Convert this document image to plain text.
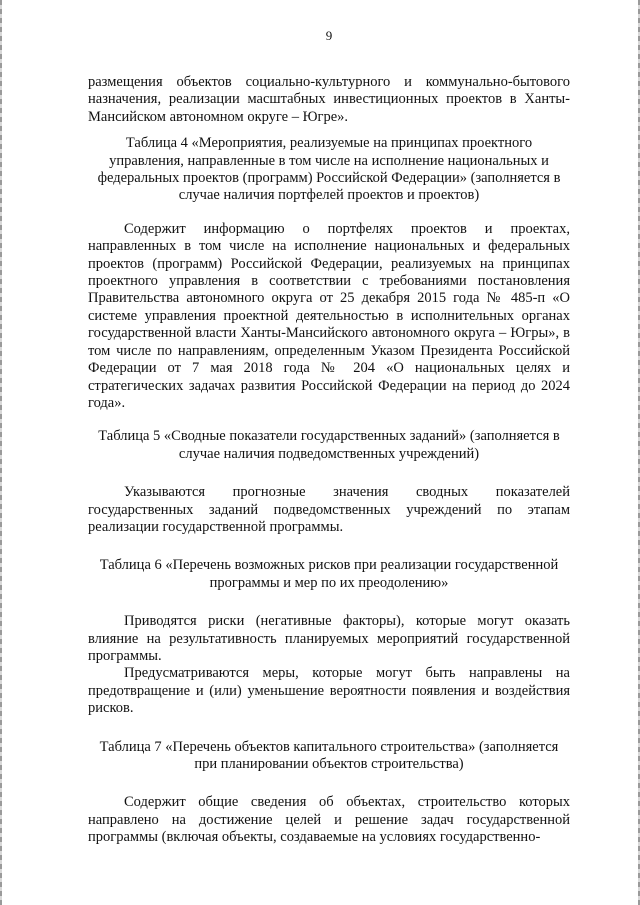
9

размещения объектов социально-культурного и коммунально-бытового назначения, реализации масштабных инвестиционных проектов в Ханты-Мансийском автономном округе – Югре».

Таблица 4 «Мероприятия, реализуемые на принципах проектного управления, направленные в том числе на исполнение национальных и федеральных проектов (программ) Российской Федерации» (заполняется в случае наличия портфелей проектов и проектов)

Содержит информацию о портфелях проектов и проектах, направленных в том числе на исполнение национальных и федеральных проектов (программ) Российской Федерации, реализуемых на принципах проектного управления в соответствии с требованиями постановления Правительства автономного округа от 25 декабря 2015 года № 485-п «О системе управления проектной деятельностью в исполнительных органах государственной власти Ханты-Мансийского автономного округа – Югры», в том числе по направлениям, определенным Указом Президента Российской Федерации от 7 мая 2018 года № 204 «О национальных целях и стратегических задачах развития Российской Федерации на период до 2024 года».

Таблица 5 «Сводные показатели государственных заданий» (заполняется в случае наличия подведомственных учреждений)

Указываются прогнозные значения сводных показателей государственных заданий подведомственных учреждений по этапам реализации государственной программы.

Таблица 6 «Перечень возможных рисков при реализации государственной программы и мер по их преодолению»

Приводятся риски (негативные факторы), которые могут оказать влияние на результативность планируемых мероприятий государственной программы.

Предусматриваются меры, которые могут быть направлены на предотвращение и (или) уменьшение вероятности появления и воздействия рисков.

Таблица 7 «Перечень объектов капитального строительства» (заполняется при планировании объектов строительства)

Содержит общие сведения об объектах, строительство которых направлено на достижение целей и решение задач государственной программы (включая объекты, создаваемые на условиях государственно-
